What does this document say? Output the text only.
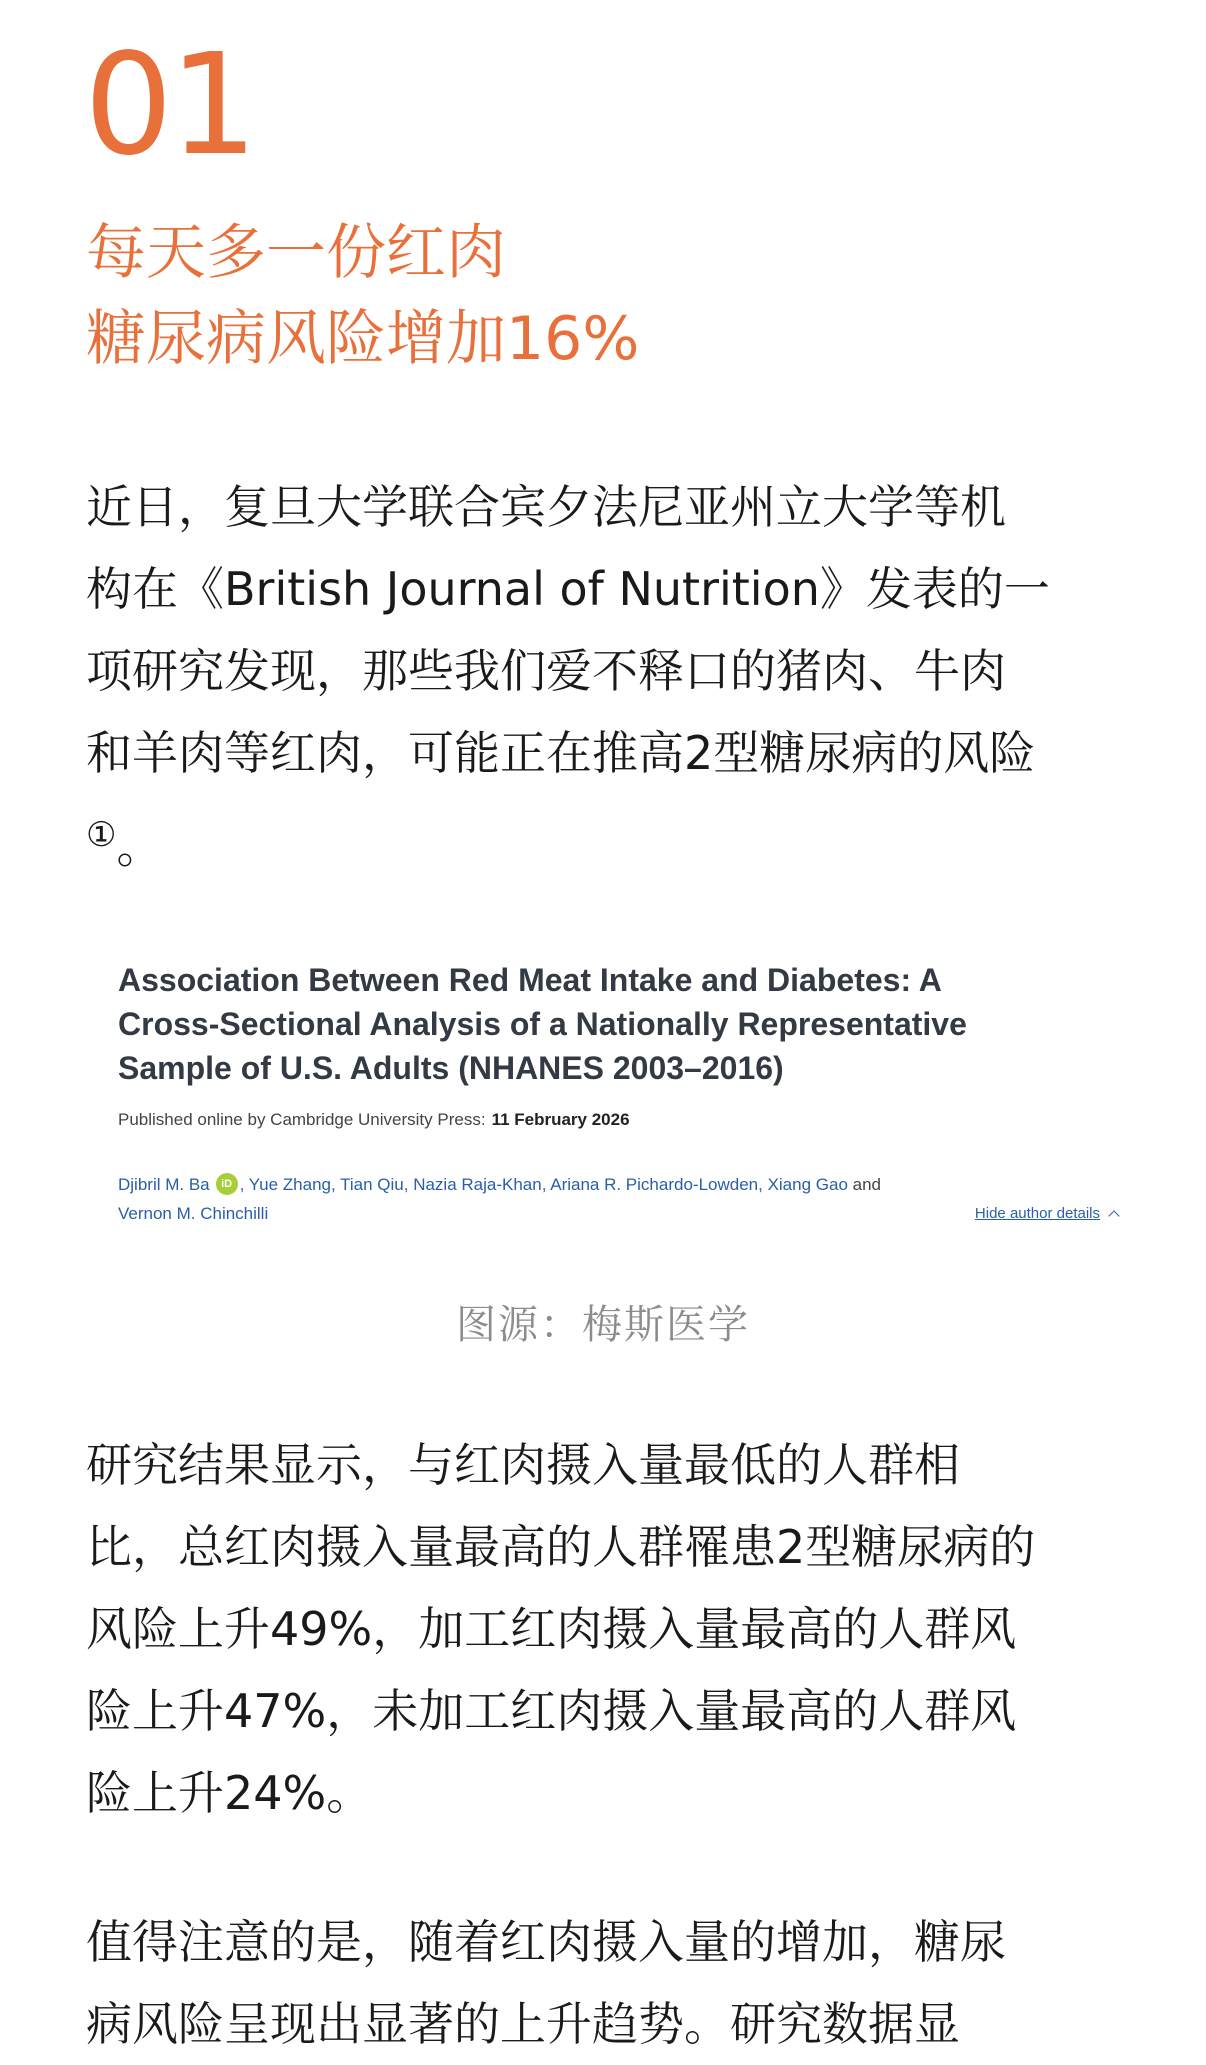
01
每天多一份红肉
糖尿病风险增加16%

近日，复旦大学联合宾夕法尼亚州立大学等机
构在《British Journal of Nutrition》发表的一
项研究发现，那些我们爱不释口的猪肉、牛肉
和羊肉等红肉，可能正在推高2型糖尿病的风险
①。

Association Between Red Meat Intake and Diabetes: A
Cross-Sectional Analysis of a Nationally Representative
Sample of U.S. Adults (NHANES 2003–2016)
Published online by Cambridge University Press: 11 February 2026
Djibril M. Ba iD , Yue Zhang, Tian Qiu, Nazia Raja-Khan, Ariana R. Pichardo-Lowden, Xiang Gao and
Vernon M. Chinchilli	Hide author details
图源：梅斯医学

研究结果显示，与红肉摄入量最低的人群相
比，总红肉摄入量最高的人群罹患2型糖尿病的
风险上升49%，加工红肉摄入量最高的人群风
险上升47%，未加工红肉摄入量最高的人群风
险上升24%。

值得注意的是，随着红肉摄入量的增加，糖尿
病风险呈现出显著的上升趋势。研究数据显
